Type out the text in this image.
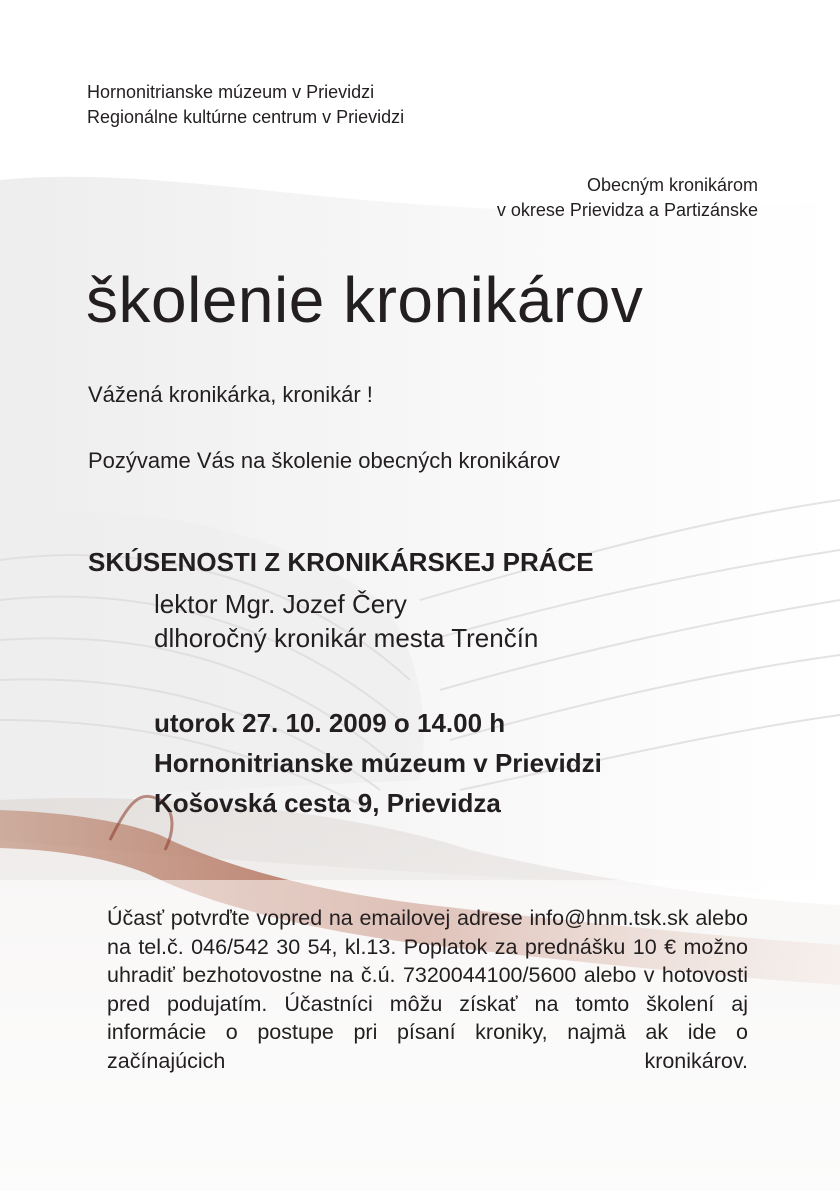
Hornonitrianske múzeum v Prievidzi
Regionálne kultúrne centrum v Prievidzi
Obecným kronikárom
v okrese Prievidza a Partizánske
školenie kronikárov

Vážená kronikárka, kronikár !

Pozývame Vás na školenie obecných kronikárov

SKÚSENOSTI Z KRONIKÁRSKEJ PRÁCE

lektor Mgr. Jozef Čery
dlhoročný kronikár mesta Trenčín
utorok 27. 10. 2009 o 14.00 h
Hornonitrianske múzeum v Prievidzi
Košovská cesta 9, Prievidza

Účasť potvrďte vopred na emailovej adrese info@hnm.tsk.sk alebo na tel.č. 046/542 30 54, kl.13. Poplatok za prednášku 10 € možno uhradiť bezhotovostne na č.ú. 7320044100/5600 alebo v hotovosti pred podujatím. Účastníci môžu získať na tomto školení aj informácie o postupe pri písaní kroniky, najmä ak ide o začínajúcich kronikárov.
